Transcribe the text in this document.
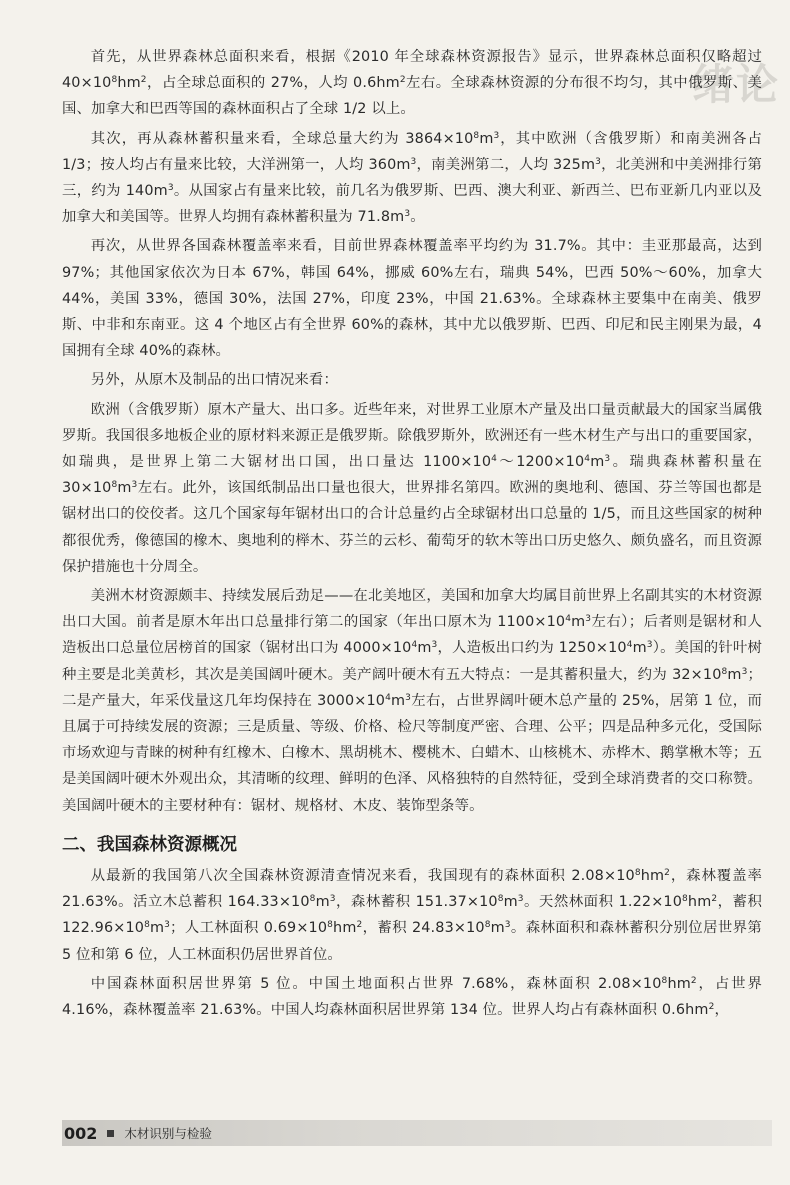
绪论

首先，从世界森林总面积来看，根据《2010 年全球森林资源报告》显示，世界森林总面积仅略超过 $40\times 10^8hm^2$，占全球总面积的 27%，人均 $0.6hm^2$左右。全球森林资源的分布很不均匀，其中俄罗斯、美国、加拿大和巴西等国的森林面积占了全球 1/2 以上。

其次，再从森林蓄积量来看，全球总量大约为 $3864\times 10^8m^3$，其中欧洲（含俄罗斯）和南美洲各占 1/3；按人均占有量来比较，大洋洲第一，人均 $360m^3$，南美洲第二，人均 $325m^3$，北美洲和中美洲排行第三，约为 $140m^3$。从国家占有量来比较，前几名为俄罗斯、巴西、澳大利亚、新西兰、巴布亚新几内亚以及加拿大和美国等。世界人均拥有森林蓄积量为 $71.8m^3$。

再次，从世界各国森林覆盖率来看，目前世界森林覆盖率平均约为 31.7%。其中：圭亚那最高，达到 97%；其他国家依次为日本 67%，韩国 64%，挪威 60%左右，瑞典 54%，巴西 50%～60%，加拿大 44%，美国 33%，德国 30%，法国 27%，印度 23%，中国 21.63%。全球森林主要集中在南美、俄罗斯、中非和东南亚。这 4 个地区占有全世界 60%的森林，其中尤以俄罗斯、巴西、印尼和民主刚果为最，4 国拥有全球 40%的森林。

另外，从原木及制品的出口情况来看：

欧洲（含俄罗斯）原木产量大、出口多。近些年来，对世界工业原木产量及出口量贡献最大的国家当属俄罗斯。我国很多地板企业的原材料来源正是俄罗斯。除俄罗斯外，欧洲还有一些木材生产与出口的重要国家，如瑞典，是世界上第二大锯材出口国，出口量达 $1100\times 10^4\sim 1200\times 10^4m^3$。瑞典森林蓄积量在 $30\times 10^8m^3$左右。此外，该国纸制品出口量也很大，世界排名第四。欧洲的奥地利、德国、芬兰等国也都是锯材出口的佼佼者。这几个国家每年锯材出口的合计总量约占全球锯材出口总量的 1/5，而且这些国家的树种都很优秀，像德国的橡木、奥地利的榉木、芬兰的云杉、葡萄牙的软木等出口历史悠久、颇负盛名，而且资源保护措施也十分周全。

美洲木材资源颇丰、持续发展后劲足——在北美地区，美国和加拿大均属目前世界上名副其实的木材资源出口大国。前者是原木年出口总量排行第二的国家（年出口原木为 $1100\times 10^4m^3$左右）；后者则是锯材和人造板出口总量位居榜首的国家（锯材出口为 $4000\times 10^4m^3$，人造板出口约为 $1250\times 10^4m^3$）。美国的针叶树种主要是北美黄杉，其次是美国阔叶硬木。美产阔叶硬木有五大特点：一是其蓄积量大，约为 $32\times 10^8m^3$；二是产量大，年采伐量这几年均保持在 $3000\times 10^4m^3$左右，占世界阔叶硬木总产量的 25%，居第 1 位，而且属于可持续发展的资源；三是质量、等级、价格、检尺等制度严密、合理、公平；四是品种多元化，受国际市场欢迎与青睐的树种有红橡木、白橡木、黑胡桃木、樱桃木、白蜡木、山核桃木、赤桦木、鹅掌楸木等；五是美国阔叶硬木外观出众，其清晰的纹理、鲜明的色泽、风格独特的自然特征，受到全球消费者的交口称赞。美国阔叶硬木的主要材种有：锯材、规格材、木皮、装饰型条等。

二、我国森林资源概况

从最新的我国第八次全国森林资源清查情况来看，我国现有的森林面积 $2.08\times 10^8hm^2$，森林覆盖率 21.63%。活立木总蓄积 $164.33\times 10^8m^3$，森林蓄积 $151.37\times 10^8m^3$。天然林面积 $1.22\times 10^8hm^2$，蓄积 $122.96\times 10^8m^3$；人工林面积 $0.69\times 10^8hm^2$，蓄积 $24.83\times 10^8m^3$。森林面积和森林蓄积分别位居世界第 5 位和第 6 位，人工林面积仍居世界首位。

中国森林面积居世界第 5 位。中国土地面积占世界 7.68%，森林面积 $2.08\times 10^8hm^2$，占世界 4.16%，森林覆盖率 21.63%。中国人均森林面积居世界第 134 位。世界人均占有森林面积 $0.6hm^2$，

002	木材识别与检验
